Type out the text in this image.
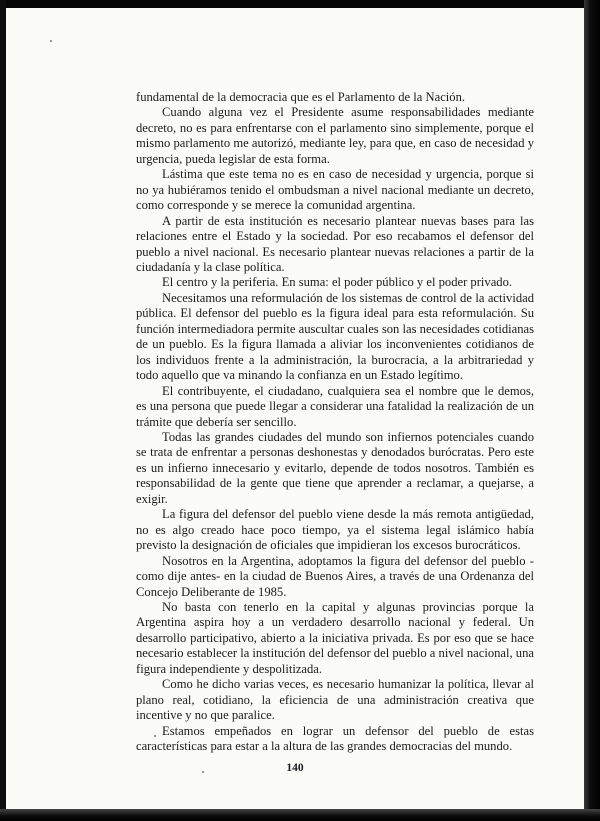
fundamental de la democracia que es el Parlamento de la Nación.

Cuando alguna vez el Presidente asume responsabilidades mediante decreto, no es para enfrentarse con el parlamento sino simplemente, porque el mismo parlamento me autorizó, mediante ley, para que, en caso de necesidad y urgencia, pueda legislar de esta forma.

Lástima que este tema no es en caso de necesidad y urgencia, porque si no ya hubiéramos tenido el ombudsman a nivel nacional mediante un decreto, como corresponde y se merece la comunidad argentina.

A partir de esta institución es necesario plantear nuevas bases para las relaciones entre el Estado y la sociedad. Por eso recabamos el defensor del pueblo a nivel nacional. Es necesario plantear nuevas relaciones a partir de la ciudadanía y la clase política.

El centro y la periferia. En suma: el poder público y el poder privado.

Necesitamos una reformulación de los sistemas de control de la actividad pública. El defensor del pueblo es la figura ideal para esta reformulación. Su función intermediadora permite auscultar cuales son las necesidades cotidianas de un pueblo. Es la figura llamada a aliviar los inconvenientes cotidianos de los individuos frente a la administración, la burocracia, a la arbitrariedad y todo aquello que va minando la confianza en un Estado legítimo.

El contribuyente, el ciudadano, cualquiera sea el nombre que le demos, es una persona que puede llegar a considerar una fatalidad la realización de un trámite que debería ser sencillo.

Todas las grandes ciudades del mundo son infiernos potenciales cuando se trata de enfrentar a personas deshonestas y denodados burócratas. Pero este es un infierno innecesario y evitarlo, depende de todos nosotros. También es responsabilidad de la gente que tiene que aprender a reclamar, a quejarse, a exigir.

La figura del defensor del pueblo viene desde la más remota antigüedad, no es algo creado hace poco tiempo, ya el sistema legal islámico había previsto la designación de oficiales que impidieran los excesos burocráticos.

Nosotros en la Argentina, adoptamos la figura del defensor del pueblo - como dije antes- en la ciudad de Buenos Aires, a través de una Ordenanza del Concejo Deliberante de 1985.

No basta con tenerlo en la capital y algunas provincias porque la Argentina aspira hoy a un verdadero desarrollo nacional y federal. Un desarrollo participativo, abierto a la iniciativa privada. Es por eso que se hace necesario establecer la institución del defensor del pueblo a nivel nacional, una figura independiente y despolitizada.

Como he dicho varias veces, es necesario humanizar la política, llevar al plano real, cotidiano, la eficiencia de una administración creativa que incentive y no que paralice.

Estamos empeñados en lograr un defensor del pueblo de estas características para estar a la altura de las grandes democracias del mundo.

140
